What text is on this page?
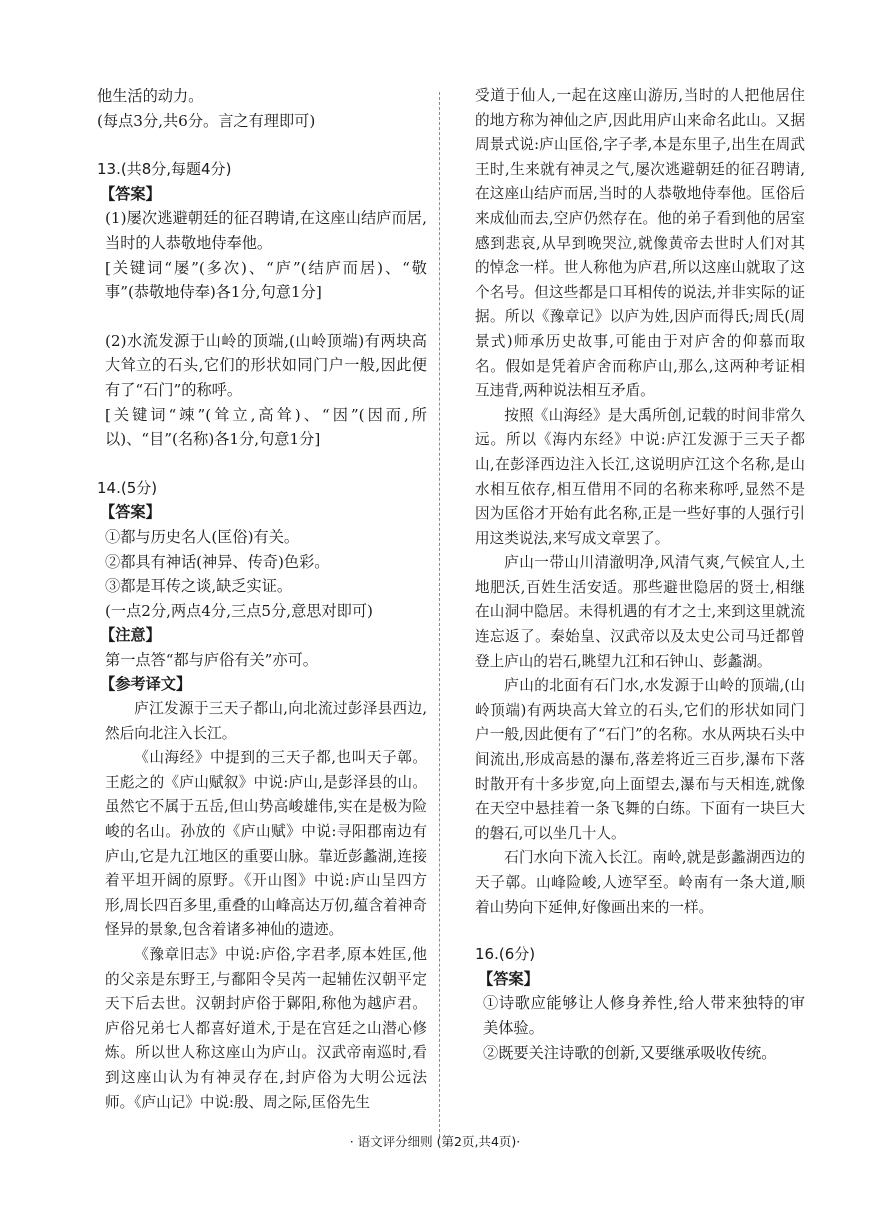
他生活的动力。

(每点3分,共6分。言之有理即可)

13.(共8分,每题4分)

【答案】

(1)屡次逃避朝廷的征召聘请,在这座山结庐而居,当时的人恭敬地侍奉他。

[关键词“屡”(多次)、“庐”(结庐而居)、“敬事”(恭敬地侍奉)各1分,句意1分]

(2)水流发源于山岭的顶端,(山岭顶端)有两块高大耸立的石头,它们的形状如同门户一般,因此便有了“石门”的称呼。

[关键词“竦”(耸立,高耸)、“因”(因而,所以)、“目”(名称)各1分,句意1分]

14.(5分)

【答案】

①都与历史名人(匡俗)有关。

②都具有神话(神异、传奇)色彩。

③都是耳传之谈,缺乏实证。

(一点2分,两点4分,三点5分,意思对即可)

【注意】

第一点答“都与庐俗有关”亦可。

【参考译文】

庐江发源于三天子都山,向北流过彭泽县西边,然后向北注入长江。

《山海经》中提到的三天子都,也叫天子鄣。王彪之的《庐山赋叙》中说:庐山,是彭泽县的山。虽然它不属于五岳,但山势高峻雄伟,实在是极为险峻的名山。孙放的《庐山赋》中说:寻阳郡南边有庐山,它是九江地区的重要山脉。靠近彭蠡湖,连接着平坦开阔的原野。《开山图》中说:庐山呈四方形,周长四百多里,重叠的山峰高达万仞,蕴含着神奇怪异的景象,包含着诸多神仙的遗迹。

《豫章旧志》中说:庐俗,字君孝,原本姓匡,他的父亲是东野王,与鄱阳令吴芮一起辅佐汉朝平定天下后去世。汉朝封庐俗于鄡阳,称他为越庐君。庐俗兄弟七人都喜好道术,于是在宫廷之山潜心修炼。所以世人称这座山为庐山。汉武帝南巡时,看到这座山认为有神灵存在,封庐俗为大明公远法师。《庐山记》中说:殷、周之际,匡俗先生

受道于仙人,一起在这座山游历,当时的人把他居住的地方称为神仙之庐,因此用庐山来命名此山。又据周景式说:庐山匡俗,字子孝,本是东里子,出生在周武王时,生来就有神灵之气,屡次逃避朝廷的征召聘请,在这座山结庐而居,当时的人恭敬地侍奉他。匡俗后来成仙而去,空庐仍然存在。他的弟子看到他的居室感到悲哀,从早到晚哭泣,就像黄帝去世时人们对其的悼念一样。世人称他为庐君,所以这座山就取了这个名号。但这些都是口耳相传的说法,并非实际的证据。所以《豫章记》以庐为姓,因庐而得氏;周氏(周景式)师承历史故事,可能由于对庐舍的仰慕而取名。假如是凭着庐舍而称庐山,那么,这两种考证相互违背,两种说法相互矛盾。

按照《山海经》是大禹所创,记载的时间非常久远。所以《海内东经》中说:庐江发源于三天子都山,在彭泽西边注入长江,这说明庐江这个名称,是山水相互依存,相互借用不同的名称来称呼,显然不是因为匡俗才开始有此名称,正是一些好事的人强行引用这类说法,来写成文章罢了。

庐山一带山川清澈明净,风清气爽,气候宜人,土地肥沃,百姓生活安适。那些避世隐居的贤士,相继在山洞中隐居。未得机遇的有才之士,来到这里就流连忘返了。秦始皇、汉武帝以及太史公司马迁都曾登上庐山的岩石,眺望九江和石钟山、彭蠡湖。

庐山的北面有石门水,水发源于山岭的顶端,(山岭顶端)有两块高大耸立的石头,它们的形状如同门户一般,因此便有了“石门”的名称。水从两块石头中间流出,形成高悬的瀑布,落差将近三百步,瀑布下落时散开有十多步宽,向上面望去,瀑布与天相连,就像在天空中悬挂着一条飞舞的白练。下面有一块巨大的磐石,可以坐几十人。

石门水向下流入长江。南岭,就是彭蠡湖西边的天子鄣。山峰险峻,人迹罕至。岭南有一条大道,顺着山势向下延伸,好像画出来的一样。

16.(6分)

【答案】

①诗歌应能够让人修身养性,给人带来独特的审美体验。

②既要关注诗歌的创新,又要继承吸收传统。

· 语文评分细则 (第2页,共4页)·
